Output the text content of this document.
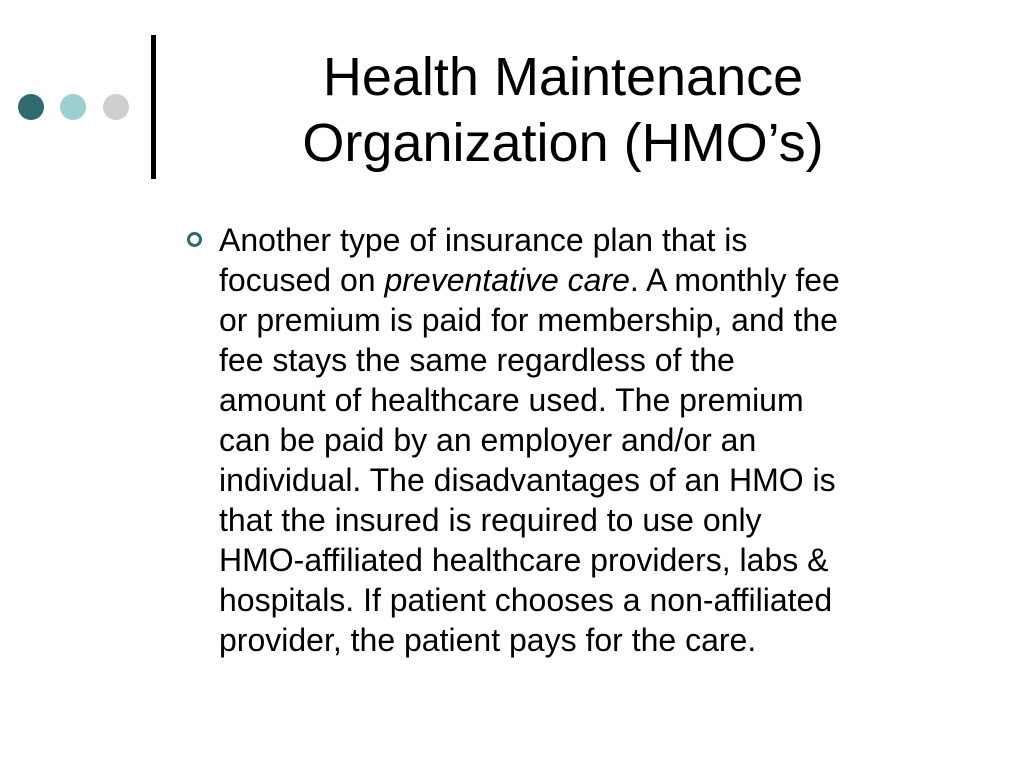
Health Maintenance
Organization (HMO’s)

Another type of insurance plan that is
focused on preventative care. A monthly fee
or premium is paid for membership, and the
fee stays the same regardless of the
amount of healthcare used. The premium
can be paid by an employer and/or an
individual. The disadvantages of an HMO is
that the insured is required to use only
HMO-affiliated healthcare providers, labs &
hospitals. If patient chooses a non-affiliated
provider, the patient pays for the care.
